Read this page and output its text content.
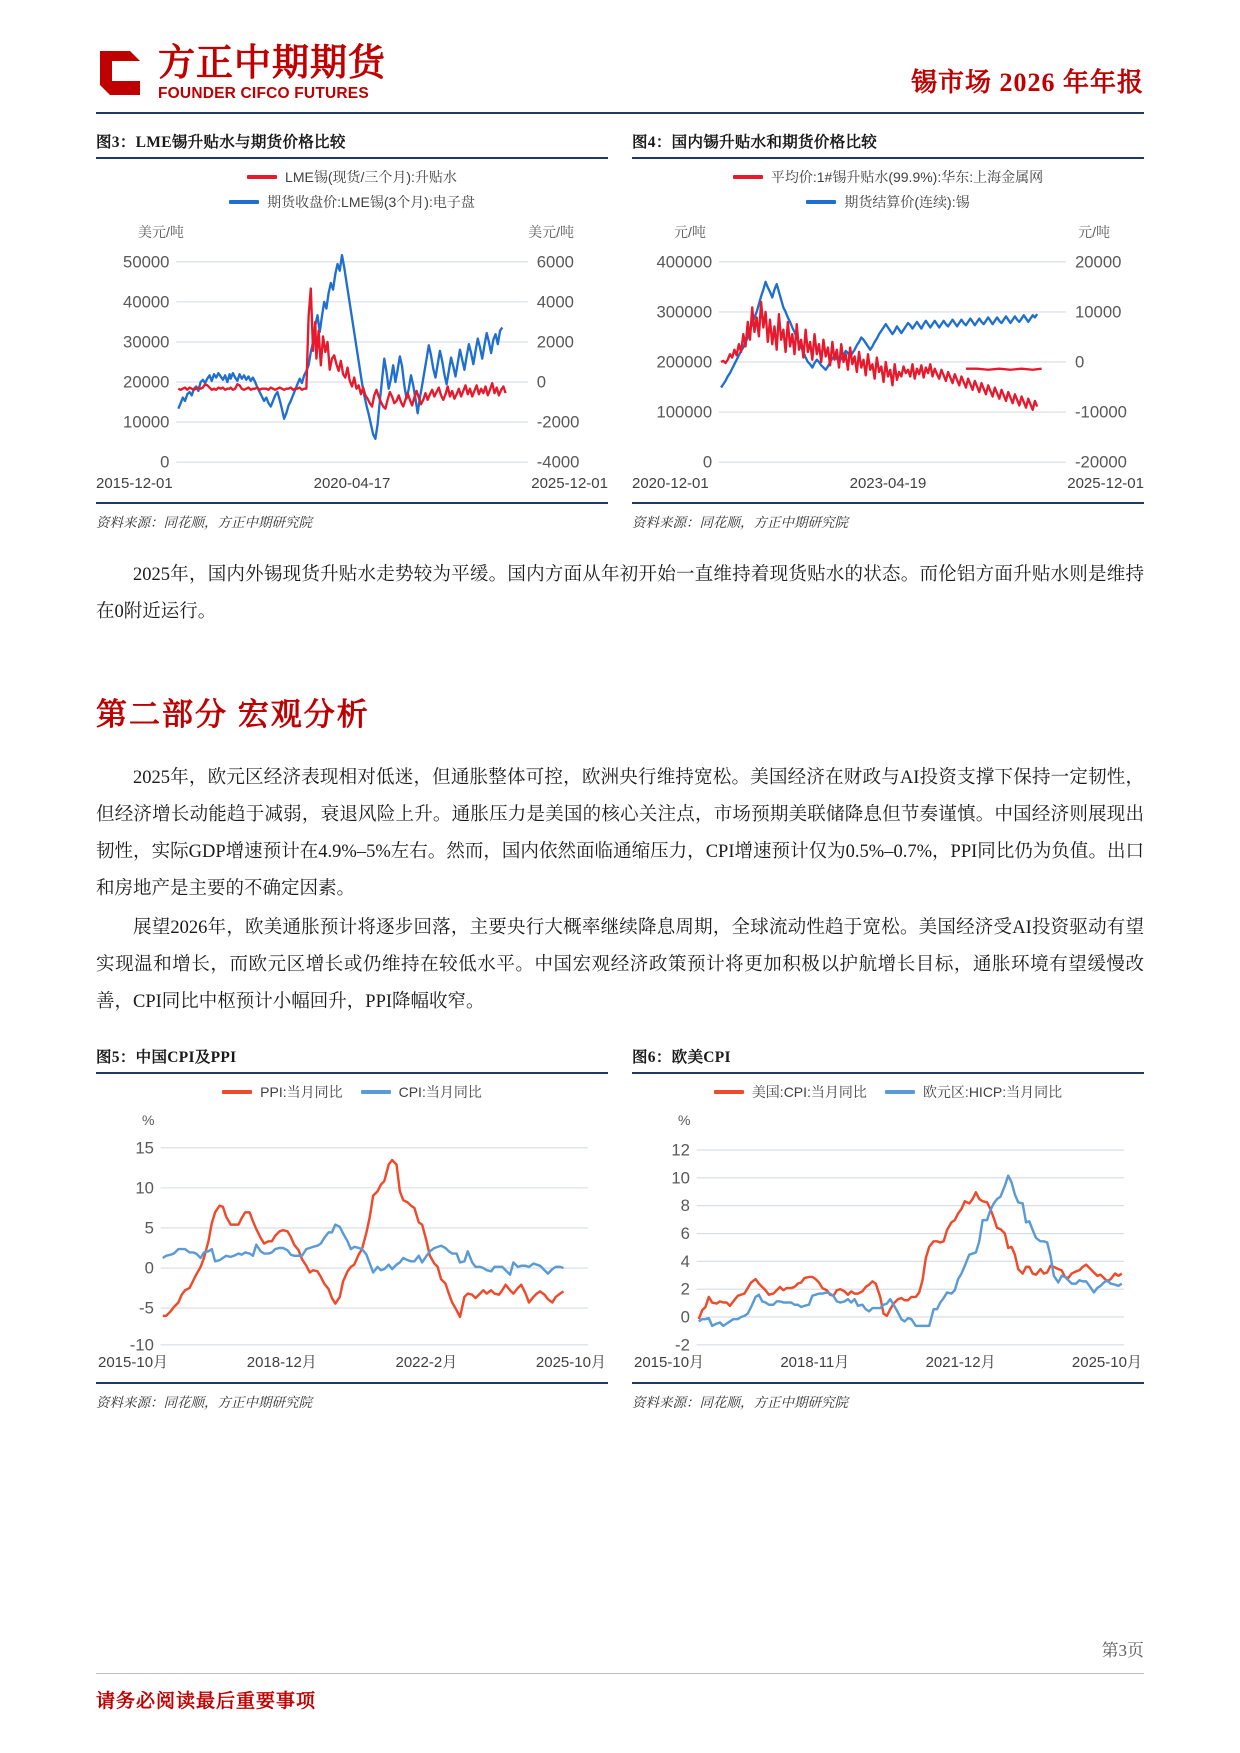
方正中期期货
FOUNDER CIFCO FUTURES	锡市场 2026 年年报
图3：LME锡升贴水与期货价格比较
LME锡(现货/三个月):升贴水
期货收盘价:LME锡(3个月):电子盘
美元/吨	美元/吨
50000
40000
30000
20000
10000
0
6000
4000
2000
0
-2000
-4000
2015-12-01	2020-04-17	2025-12-01
资料来源：同花顺，方正中期研究院
图4：国内锡升贴水和期货价格比较
平均价:1#锡升贴水(99.9%):华东:上海金属网
期货结算价(连续):锡
元/吨	元/吨
400000
300000
200000
100000
0
20000
10000
0
-10000
-20000
2020-12-01	2023-04-19	2025-12-01
资料来源：同花顺，方正中期研究院

2025年，国内外锡现货升贴水走势较为平缓。国内方面从年初开始一直维持着现货贴水的状态。而伦铝方面升贴水则是维持在0附近运行。

第二部分 宏观分析

2025年，欧元区经济表现相对低迷，但通胀整体可控，欧洲央行维持宽松。美国经济在财政与AI投资支撑下保持一定韧性，但经济增长动能趋于减弱，衰退风险上升。通胀压力是美国的核心关注点，市场预期美联储降息但节奏谨慎。中国经济则展现出韧性，实际GDP增速预计在4.9%–5%左右。然而，国内依然面临通缩压力，CPI增速预计仅为0.5%–0.7%，PPI同比仍为负值。出口和房地产是主要的不确定因素。

展望2026年，欧美通胀预计将逐步回落，主要央行大概率继续降息周期，全球流动性趋于宽松。美国经济受AI投资驱动有望实现温和增长，而欧元区增长或仍维持在较低水平。中国宏观经济政策预计将更加积极以护航增长目标，通胀环境有望缓慢改善，CPI同比中枢预计小幅回升，PPI降幅收窄。

图5：中国CPI及PPI
PPI:当月同比	CPI:当月同比
%
15
10
5
0
-5
-10
2015-10月	2018-12月	2022-2月	2025-10月
资料来源：同花顺，方正中期研究院
图6：欧美CPI
美国:CPI:当月同比	欧元区:HICP:当月同比
%
12
10
8
6
4
2
0
-2
2015-10月	2018-11月	2021-12月	2025-10月
资料来源：同花顺，方正中期研究院
请务必阅读最后重要事项
第3页
